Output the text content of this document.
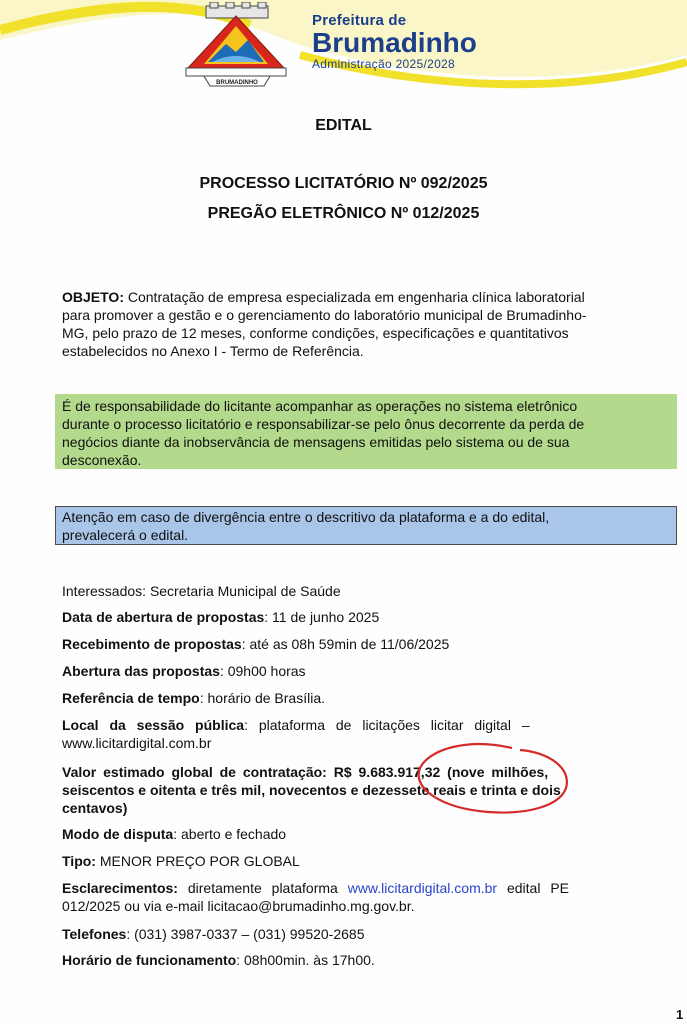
BRUMADINHO
Prefeitura de
Brumadinho
Administração 2025/2028
EDITAL
PROCESSO LICITATÓRIO Nº 092/2025
PREGÃO ELETRÔNICO Nº 012/2025
OBJETO: Contratação de empresa especializada em engenharia clínica laboratorial
para promover a gestão e o gerenciamento do laboratório municipal de Brumadinho-
MG, pelo prazo de 12 meses, conforme condições, especificações e quantitativos
estabelecidos no Anexo I - Termo de Referência.
É de responsabilidade do licitante acompanhar as operações no sistema eletrônico
durante o processo licitatório e responsabilizar-se pelo ônus decorrente da perda de
negócios diante da inobservância de mensagens emitidas pelo sistema ou de sua
desconexão.
Atenção em caso de divergência entre o descritivo da plataforma e a do edital,
prevalecerá o edital.
Interessados: Secretaria Municipal de Saúde
Data de abertura de propostas: 11 de junho 2025
Recebimento de propostas: até as 08h 59min de 11/06/2025
Abertura das propostas: 09h00 horas
Referência de tempo: horário de Brasília.
Local da sessão pública: plataforma de licitações licitar digital –
www.licitardigital.com.br
Valor estimado global de contratação: R$ 9.683.917,32 (nove milhões,
seiscentos e oitenta e três mil, novecentos e dezessete reais e trinta e dois
centavos)
Modo de disputa: aberto e fechado
Tipo: MENOR PREÇO POR GLOBAL
Esclarecimentos: diretamente plataforma www.licitardigital.com.br edital PE
012/2025 ou via e-mail licitacao@brumadinho.mg.gov.br.
Telefones: (031) 3987-0337 – (031) 99520-2685
Horário de funcionamento: 08h00min. às 17h00.
1
